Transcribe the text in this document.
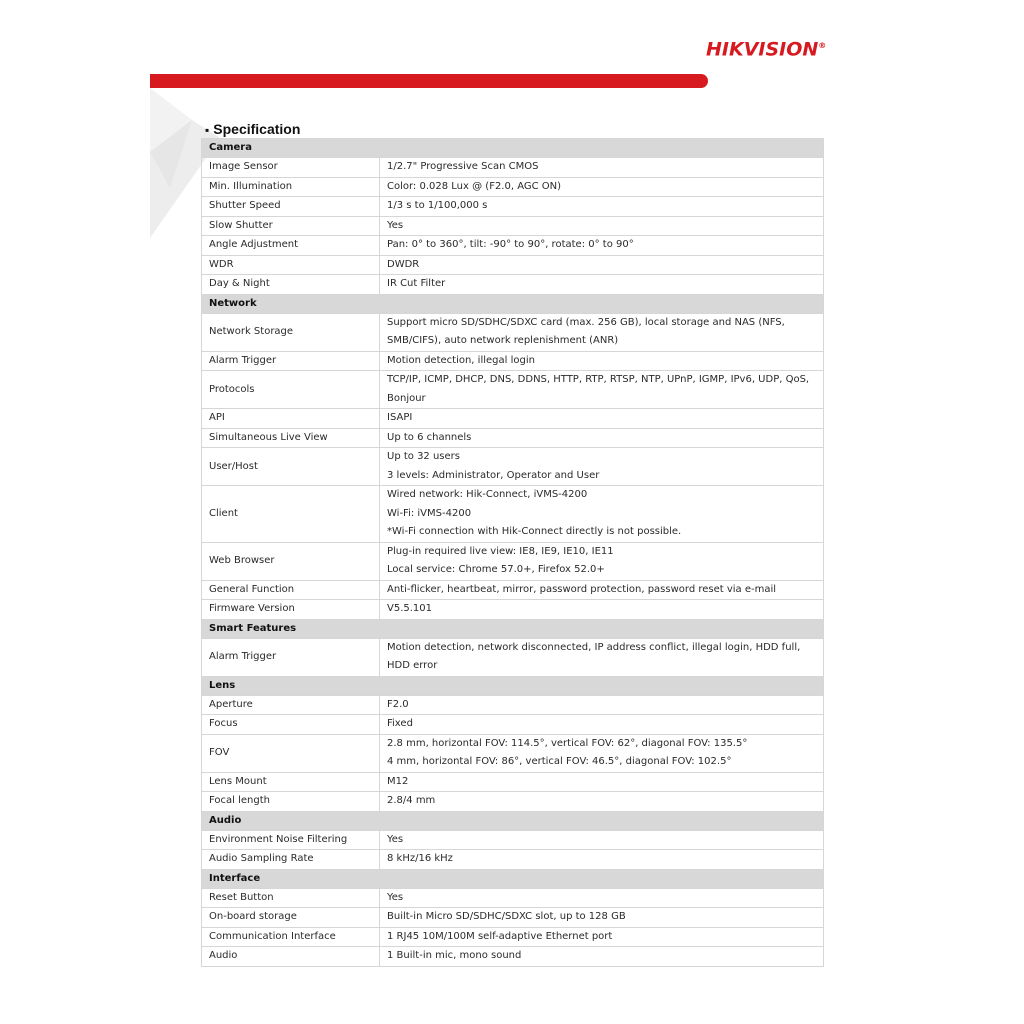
HIKVISION®
▪ Specification
Camera	
Image Sensor	1/2.7" Progressive Scan CMOS

Min. Illumination	Color: 0.028 Lux @ (F2.0, AGC ON)

Shutter Speed	1/3 s to 1/100,000 s

Slow Shutter	Yes

Angle Adjustment	Pan: 0° to 360°, tilt: -90° to 90°, rotate: 0° to 90°

WDR	DWDR

Day & Night	IR Cut Filter

Network	
Network Storage	Support micro SD/SDHC/SDXC card (max. 256 GB), local storage and NAS (NFS,
SMB/CIFS), auto network replenishment (ANR)

Alarm Trigger	Motion detection, illegal login

Protocols	TCP/IP, ICMP, DHCP, DNS, DDNS, HTTP, RTP, RTSP, NTP, UPnP, IGMP, IPv6, UDP, QoS,
Bonjour

API	ISAPI

Simultaneous Live View	Up to 6 channels

User/Host	Up to 32 users
3 levels: Administrator, Operator and User

Client	Wired network: Hik-Connect, iVMS-4200
Wi-Fi: iVMS-4200
*Wi-Fi connection with Hik-Connect directly is not possible.

Web Browser	Plug-in required live view: IE8, IE9, IE10, IE11
Local service: Chrome 57.0+, Firefox 52.0+

General Function	Anti-flicker, heartbeat, mirror, password protection, password reset via e-mail

Firmware Version	V5.5.101

Smart Features	
Alarm Trigger	Motion detection, network disconnected, IP address conflict, illegal login, HDD full,
HDD error

Lens	
Aperture	F2.0

Focus	Fixed

FOV	2.8 mm, horizontal FOV: 114.5°, vertical FOV: 62°, diagonal FOV: 135.5°
4 mm, horizontal FOV: 86°, vertical FOV: 46.5°, diagonal FOV: 102.5°

Lens Mount	M12

Focal length	2.8/4 mm

Audio	
Environment Noise Filtering	Yes

Audio Sampling Rate	8 kHz/16 kHz

Interface	
Reset Button	Yes

On-board storage	Built-in Micro SD/SDHC/SDXC slot, up to 128 GB

Communication Interface	1 RJ45 10M/100M self-adaptive Ethernet port

Audio	1 Built-in mic, mono sound
